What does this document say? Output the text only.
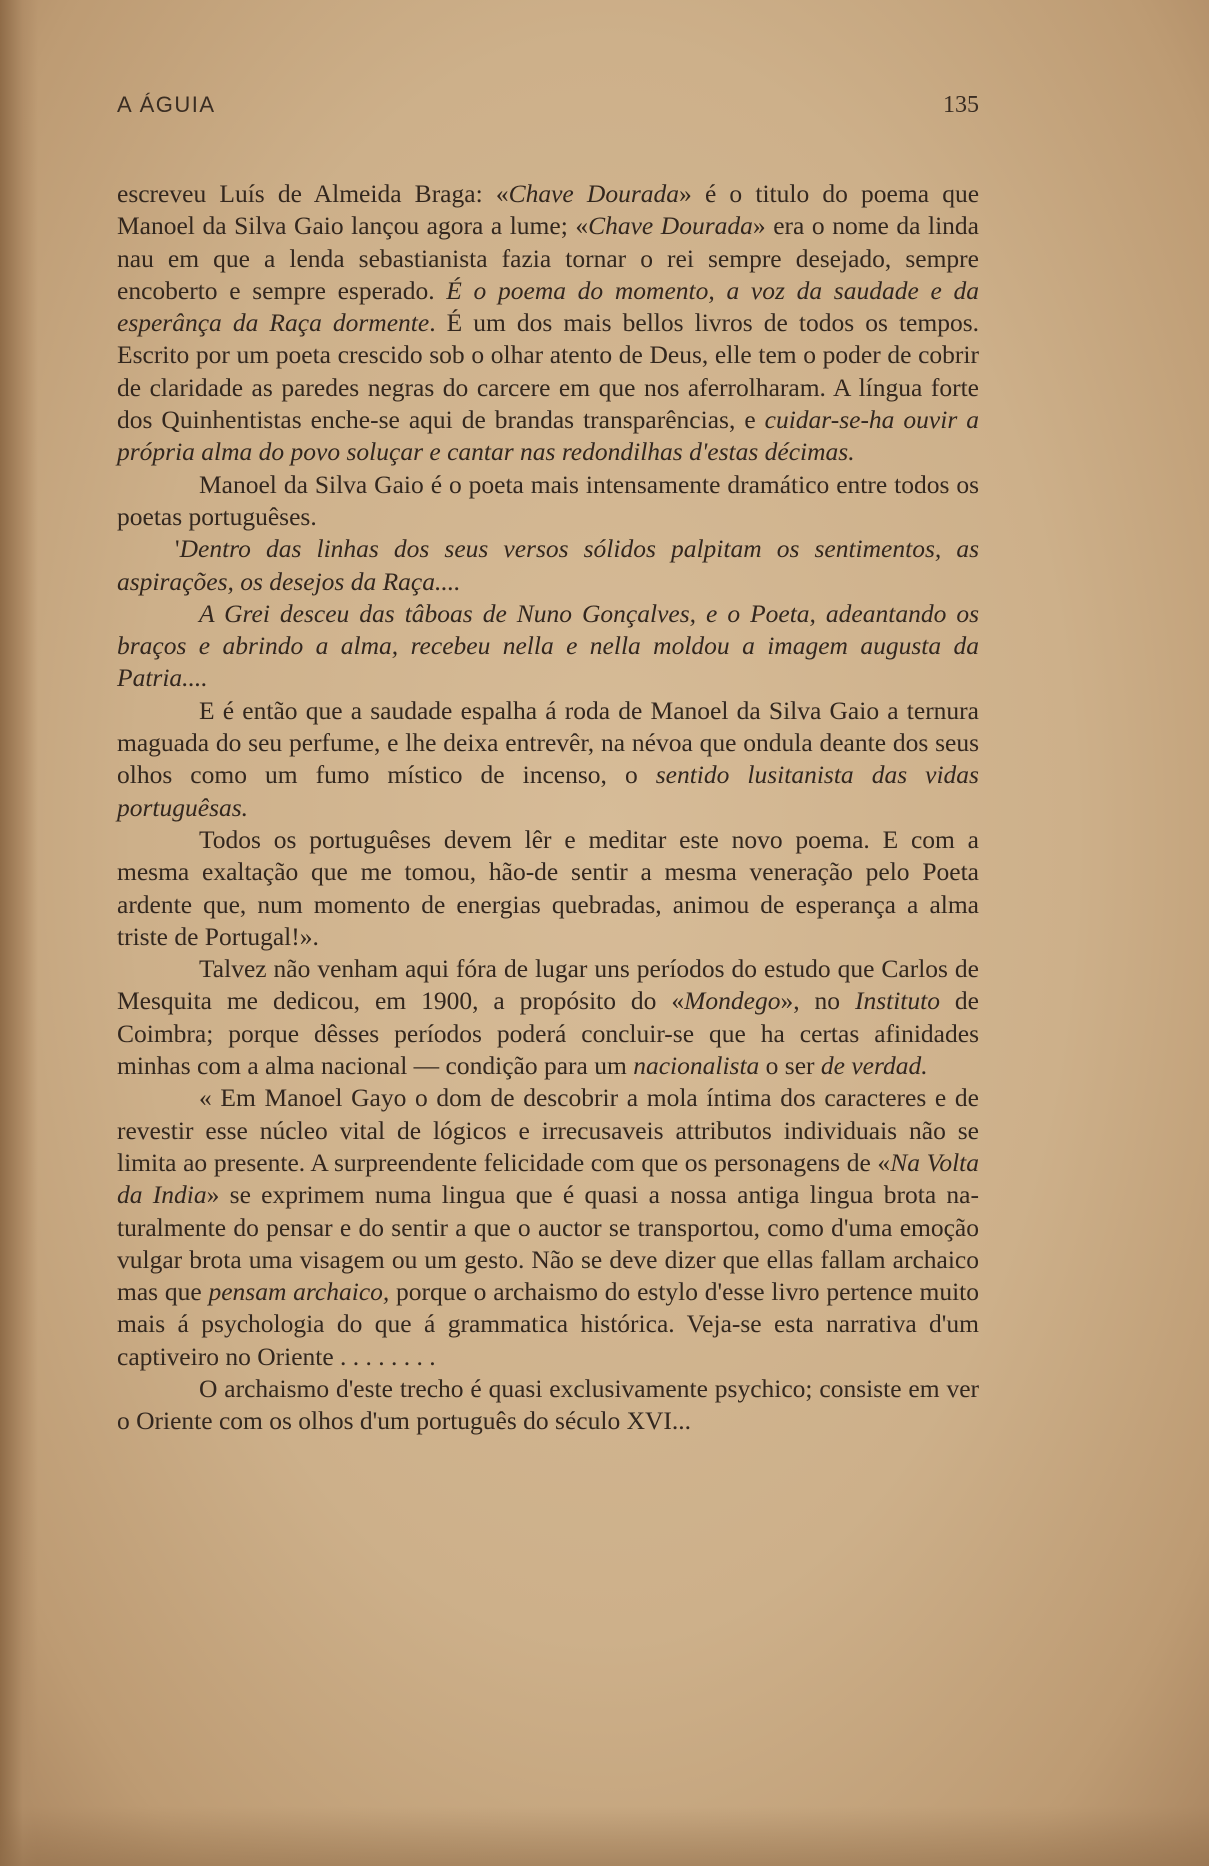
A ÁGUIA	135

escreveu Luís de Almeida Braga: «Chave Dourada» é o titulo do poema que Manoel da Silva Gaio lançou agora a lume; «Chave Dourada» era o nome da linda nau em que a lenda sebastianista fazia tornar o rei sempre desejado, sempre encoberto e sempre esperado. É o poema do momento, a voz da saudade e da esperânça da Raça dormente. É um dos mais bellos livros de todos os tempos. Escrito por um poeta crescido sob o olhar atento de Deus, elle tem o poder de cobrir de claridade as paredes negras do carcere em que nos aferrolharam. A língua forte dos Quinhentistas enche-se aqui de brandas transparências, e cuidar-se-ha ouvir a própria alma do povo soluçar e cantar nas redondilhas d'estas décimas.

Manoel da Silva Gaio é o poeta mais intensamente dramático entre todos os poetas portuguêses.

'Dentro das linhas dos seus versos sólidos palpitam os sentimentos, as aspirações, os desejos da Raça....

A Grei desceu das tâboas de Nuno Gonçalves, e o Poeta, adeantando os braços e abrindo a alma, recebeu nella e nella moldou a imagem augusta da Patria....

E é então que a saudade espalha á roda de Manoel da Silva Gaio a ternura maguada do seu perfume, e lhe deixa entrevêr, na névoa que ondula deante dos seus olhos como um fumo místico de incenso, o sentido lusitanista das vidas portuguêsas.

Todos os portuguêses devem lêr e meditar este novo poema. E com a mesma exaltação que me tomou, hão-de sentir a mesma veneração pelo Poeta ardente que, num momento de energias quebradas, animou de esperança a alma triste de Portugal!».

Talvez não venham aqui fóra de lugar uns períodos do estudo que Carlos de Mesquita me dedicou, em 1900, a propósito do «Mondego», no Instituto de Coimbra; porque dêsses períodos poderá concluir-se que ha certas afinidades minhas com a alma nacional — condição para um nacionalista o ser de verdad.

« Em Manoel Gayo o dom de descobrir a mola íntima dos caracteres e de revestir esse núcleo vital de lógicos e irrecusaveis attributos individuais não se limita ao presente. A surpreendente felicidade com que os personagens de «Na Volta da India» se exprimem numa lingua que é quasi a nossa antiga lingua brota naturalmente do pensar e do sentir a que o auctor se transportou, como d'uma emoção vulgar brota uma visagem ou um gesto. Não se deve dizer que ellas fallam archaico mas que pensam archaico, porque o archaismo do estylo d'esse livro pertence muito mais á psychologia do que á grammatica histórica. Veja-se esta narrativa d'um captiveiro no Oriente . . . . . . . .

O archaismo d'este trecho é quasi exclusivamente psychico; consiste em ver o Oriente com os olhos d'um português do século XVI...
